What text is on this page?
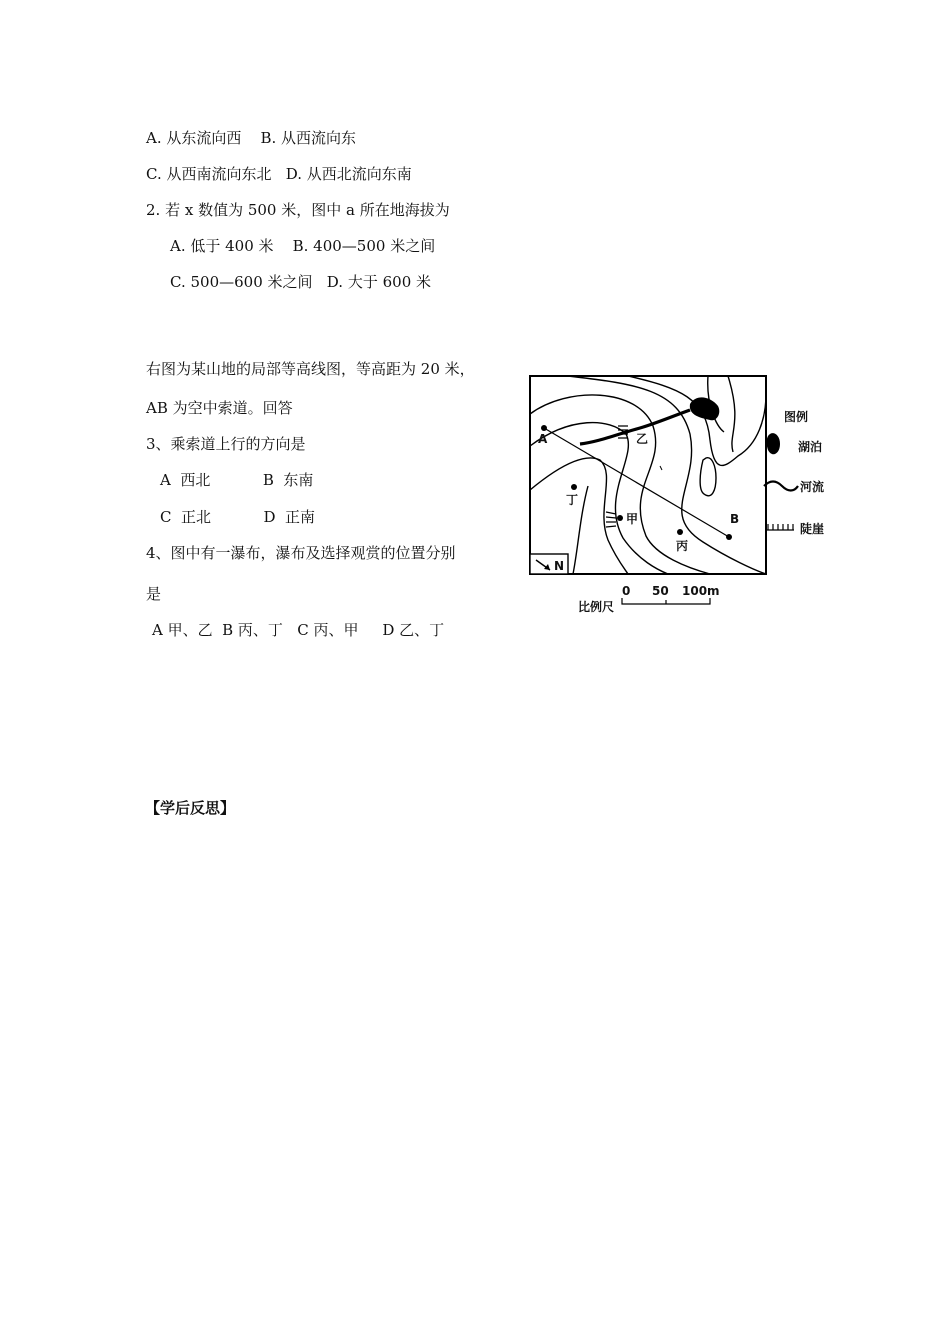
A. 从东流向西    B. 从西流向东
C. 从西南流向东北   D. 从西北流向东南
2. 若 x 数值为 500 米，图中 a 所在地海拔为
A. 低于 400 米    B. 400—500 米之间
C. 500—600 米之间   D. 大于 600 米
右图为某山地的局部等高线图，等高距为 20 米，
AB 为空中索道。回答
3、乘索道上行的方向是
A  西北           B  东南
C  正北           D  正南
4、图中有一瀑布，瀑布及选择观赏的位置分别
是
A 甲、乙  B 丙、丁   C 丙、甲     D 乙、丁
【学后反思】
A
B
甲
乙
丙
丁
N
图例
湖泊
河流
陡崖
比例尺
0 50 100m
